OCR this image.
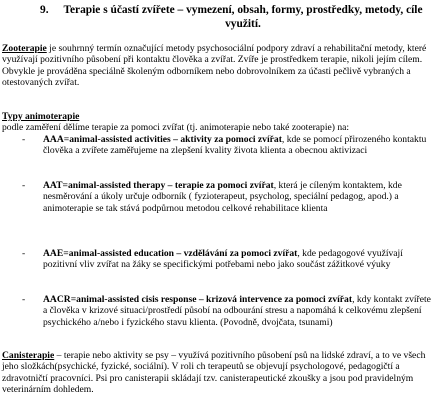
9.	Terapie s účastí zvířete – vymezení, obsah, formy, prostředky, metody, cíle využití.
Zooterapie je souhrnný termín označující metody psychosociální podpory zdraví a rehabilitační metody, které využívají pozitivního působení při kontaktu člověka a zvířat. Zvíře je prostředkem terapie, nikoli jejím cílem. Obvykle je prováděna speciálně školeným odborníkem nebo dobrovolníkem za účasti pečlivě vybraných a otestovaných zvířat.
Typy animoterapie
podle zaměření dělíme terapie za pomoci zvířat (tj. animoterapie nebo také zooterapie) na:
- AAA=animal-assisted activities – aktivity za pomoci zvířat, kde se pomocí přirozeného kontaktu člověka a zvířete zaměřujeme na zlepšení kvality života klienta a obecnou aktivizaci
- AAT=animal-assisted therapy – terapie za pomoci zvířat, která je cíleným kontaktem, kde nesměrování a úkoly určuje odborník ( fyzioterapeut, psycholog, speciální pedagog, apod.) a animoterapie se tak stává podpůrnou metodou celkové rehabilitace klienta
- AAE=animal-assisted education – vzdělávání za pomoci zvířat, kde pedagogové využívají pozitivní vliv zvířat na žáky se specifickými potřebami nebo jako součást zážitkové výuky
- AACR=animal-assisted cisis response – krizová intervence za pomoci zvířat, kdy kontakt zvířete a člověka v krizové situaci/prostředí působí na odbourání stresu a napomáhá k celkovému zlepšení psychického a/nebo i fyzického stavu klienta. (Povodně, dvojčata, tsunami)
Canisterapie – terapie nebo aktivity se psy – využívá pozitivního působení psů na lidské zdraví, a to ve všech jeho složkách(psychické, fyzické, sociální). V roli ch terapeutů se objevují psychologové, pedagogičtí a zdravotničtí pracovníci. Psi pro canisterapii skládají tzv. canisterapeutické zkoušky a jsou pod pravidelným veterinárním dohledem.
